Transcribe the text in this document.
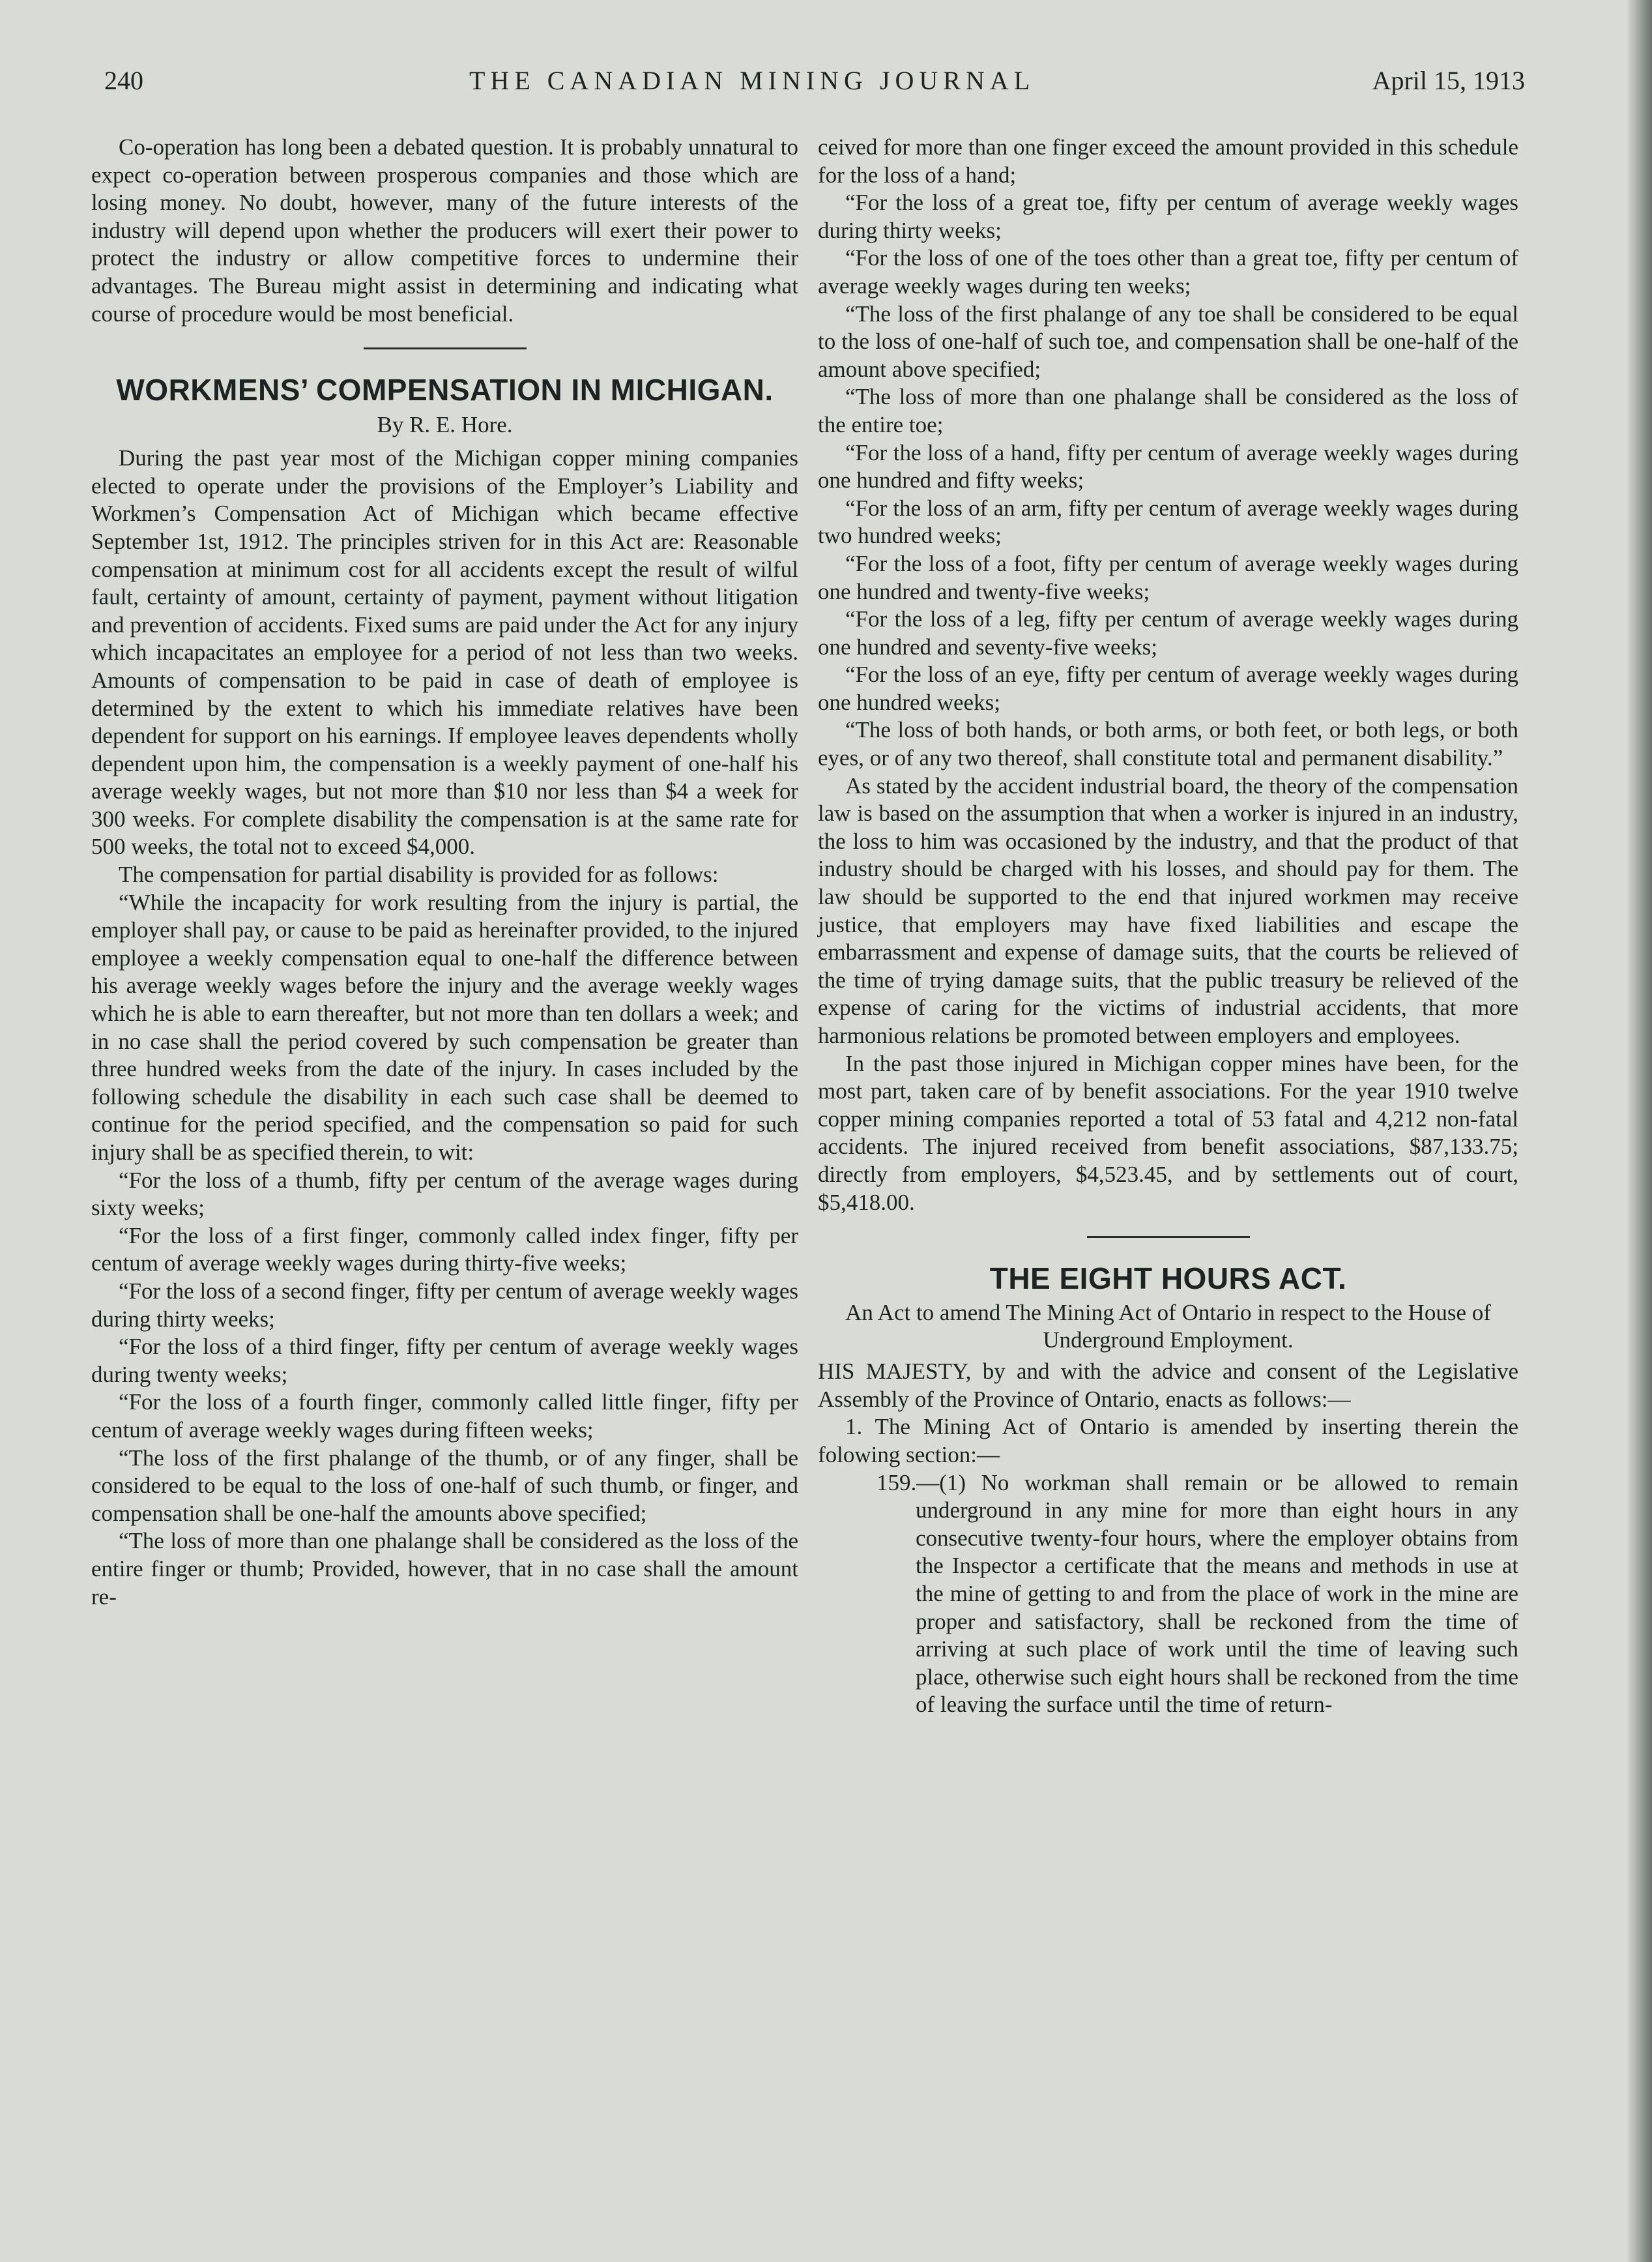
240	THE CANADIAN MINING JOURNAL	April 15, 1913

Co-operation has long been a debated question. It is probably unnatural to expect co-operation between prosperous companies and those which are losing money. No doubt, however, many of the future interests of the industry will depend upon whether the producers will exert their power to protect the industry or allow competitive forces to undermine their advantages. The Bureau might assist in determining and indicating what course of procedure would be most beneficial.

WORKMENS’ COMPENSATION IN MICHIGAN.
By R. E. Hore.

During the past year most of the Michigan copper mining companies elected to operate under the provisions of the Employer’s Liability and Workmen’s Compensation Act of Michigan which became effective September 1st, 1912. The principles striven for in this Act are: Reasonable compensation at minimum cost for all accidents except the result of wilful fault, certainty of amount, certainty of payment, payment without litigation and prevention of accidents. Fixed sums are paid under the Act for any injury which incapacitates an employee for a period of not less than two weeks. Amounts of compensation to be paid in case of death of employee is determined by the extent to which his immediate relatives have been dependent for support on his earnings. If employee leaves dependents wholly dependent upon him, the compensation is a weekly payment of one-half his average weekly wages, but not more than $10 nor less than $4 a week for 300 weeks. For complete disability the compensation is at the same rate for 500 weeks, the total not to exceed $4,000.

The compensation for partial disability is provided for as follows:

“While the incapacity for work resulting from the injury is partial, the employer shall pay, or cause to be paid as hereinafter provided, to the injured employee a weekly compensation equal to one-half the difference between his average weekly wages before the injury and the average weekly wages which he is able to earn thereafter, but not more than ten dollars a week; and in no case shall the period covered by such compensation be greater than three hundred weeks from the date of the injury. In cases included by the following schedule the disability in each such case shall be deemed to continue for the period specified, and the compensation so paid for such injury shall be as specified therein, to wit:

“For the loss of a thumb, fifty per centum of the average wages during sixty weeks;

“For the loss of a first finger, commonly called index finger, fifty per centum of average weekly wages during thirty-five weeks;

“For the loss of a second finger, fifty per centum of average weekly wages during thirty weeks;

“For the loss of a third finger, fifty per centum of average weekly wages during twenty weeks;

“For the loss of a fourth finger, commonly called little finger, fifty per centum of average weekly wages during fifteen weeks;

“The loss of the first phalange of the thumb, or of any finger, shall be considered to be equal to the loss of one-half of such thumb, or finger, and compensation shall be one-half the amounts above specified;

“The loss of more than one phalange shall be considered as the loss of the entire finger or thumb; Provided, however, that in no case shall the amount re-

ceived for more than one finger exceed the amount provided in this schedule for the loss of a hand;

“For the loss of a great toe, fifty per centum of average weekly wages during thirty weeks;

“For the loss of one of the toes other than a great toe, fifty per centum of average weekly wages during ten weeks;

“The loss of the first phalange of any toe shall be considered to be equal to the loss of one-half of such toe, and compensation shall be one-half of the amount above specified;

“The loss of more than one phalange shall be considered as the loss of the entire toe;

“For the loss of a hand, fifty per centum of average weekly wages during one hundred and fifty weeks;

“For the loss of an arm, fifty per centum of average weekly wages during two hundred weeks;

“For the loss of a foot, fifty per centum of average weekly wages during one hundred and twenty-five weeks;

“For the loss of a leg, fifty per centum of average weekly wages during one hundred and seventy-five weeks;

“For the loss of an eye, fifty per centum of average weekly wages during one hundred weeks;

“The loss of both hands, or both arms, or both feet, or both legs, or both eyes, or of any two thereof, shall constitute total and permanent disability.”

As stated by the accident industrial board, the theory of the compensation law is based on the assumption that when a worker is injured in an industry, the loss to him was occasioned by the industry, and that the product of that industry should be charged with his losses, and should pay for them. The law should be supported to the end that injured workmen may receive justice, that employers may have fixed liabilities and escape the embarrassment and expense of damage suits, that the courts be relieved of the time of trying damage suits, that the public treasury be relieved of the expense of caring for the victims of industrial accidents, that more harmonious relations be promoted between employers and employees.

In the past those injured in Michigan copper mines have been, for the most part, taken care of by benefit associations. For the year 1910 twelve copper mining companies reported a total of 53 fatal and 4,212 non-fatal accidents. The injured received from benefit associations, $87,133.75; directly from employers, $4,523.45, and by settlements out of court, $5,418.00.

THE EIGHT HOURS ACT.
An Act to amend The Mining Act of Ontario in respect to the House of Underground Employment.

HIS MAJESTY, by and with the advice and consent of the Legislative Assembly of the Province of Ontario, enacts as follows:—

1. The Mining Act of Ontario is amended by inserting therein the folowing section:—

159.—(1) No workman shall remain or be allowed to remain underground in any mine for more than eight hours in any consecutive twenty-four hours, where the employer obtains from the Inspector a certificate that the means and methods in use at the mine of getting to and from the place of work in the mine are proper and satisfactory, shall be reckoned from the time of arriving at such place of work until the time of leaving such place, otherwise such eight hours shall be reckoned from the time of leaving the surface until the time of return-
